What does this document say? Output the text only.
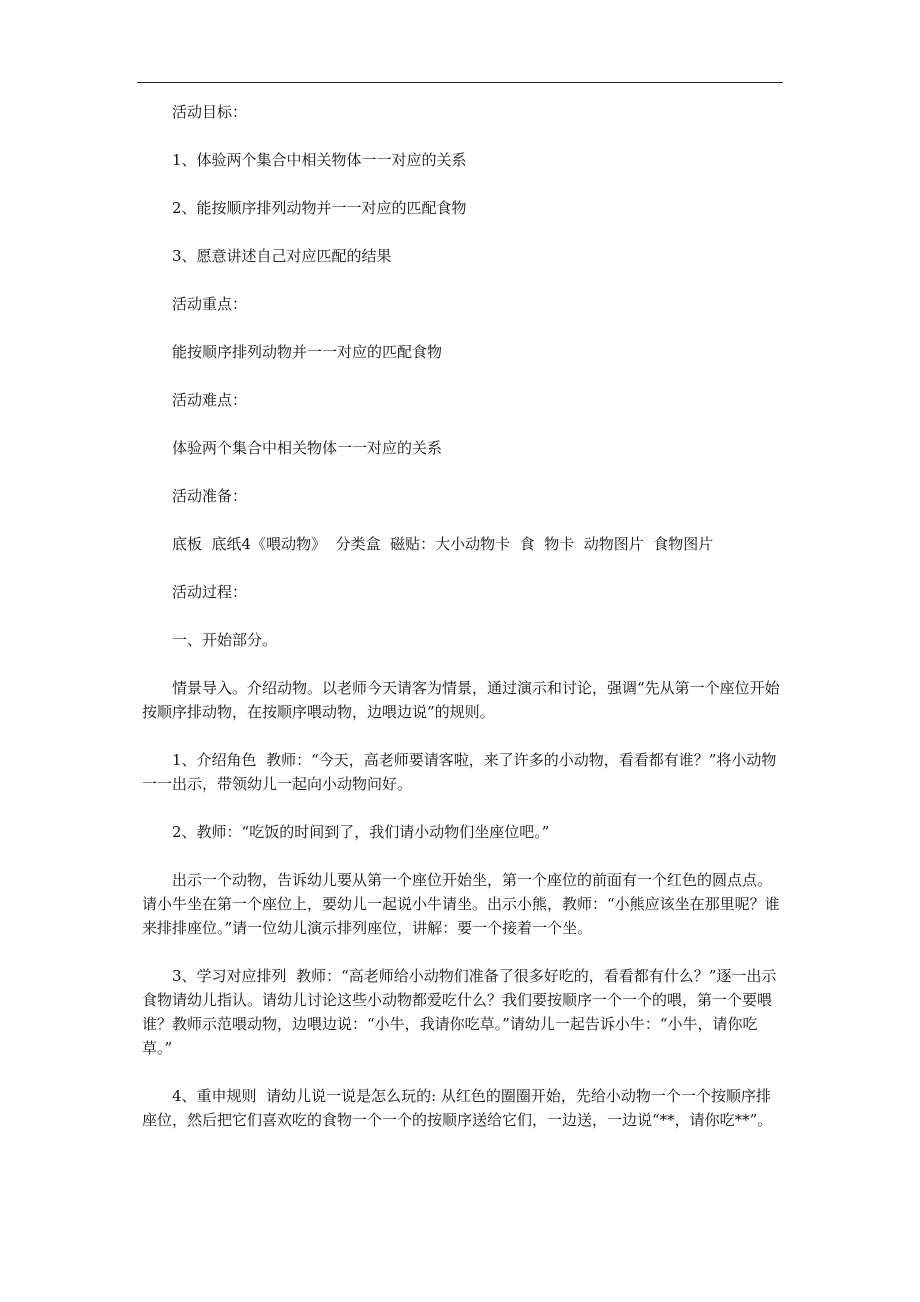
活动目标：

1、体验两个集合中相关物体一一对应的关系

2、能按顺序排列动物并一一对应的匹配食物

3、愿意讲述自己对应匹配的结果

活动重点：

能按顺序排列动物并一一对应的匹配食物

活动难点：

体验两个集合中相关物体一一对应的关系

活动准备：

底板  底纸4《喂动物》  分类盒  磁贴：大小动物卡  食  物卡  动物图片  食物图片

活动过程：

一、开始部分。

情景导入。介绍动物。以老师今天请客为情景，通过演示和讨论，强调“先从第一个座位开始按顺序排动物，在按顺序喂动物，边喂边说”的规则。

1、介绍角色  教师：“今天，高老师要请客啦，来了许多的小动物，看看都有谁？”将小动物一一出示，带领幼儿一起向小动物问好。

2、教师：“吃饭的时间到了，我们请小动物们坐座位吧。”

出示一个动物，告诉幼儿要从第一个座位开始坐，第一个座位的前面有一个红色的圆点点。请小牛坐在第一个座位上，要幼儿一起说小牛请坐。出示小熊，教师：“小熊应该坐在那里呢？谁来排排座位。”请一位幼儿演示排列座位，讲解：要一个接着一个坐。

3、学习对应排列  教师：“高老师给小动物们准备了很多好吃的，看看都有什么？”逐一出示食物请幼儿指认。请幼儿讨论这些小动物都爱吃什么？我们要按顺序一个一个的喂，第一个要喂谁？教师示范喂动物，边喂边说：“小牛，我请你吃草。”请幼儿一起告诉小牛：“小牛，请你吃草。”

4、重申规则  请幼儿说一说是怎么玩的: 从红色的圈圈开始，先给小动物一个一个按顺序排座位，然后把它们喜欢吃的食物一个一个的按顺序送给它们，一边送，一边说“**，请你吃**”。
